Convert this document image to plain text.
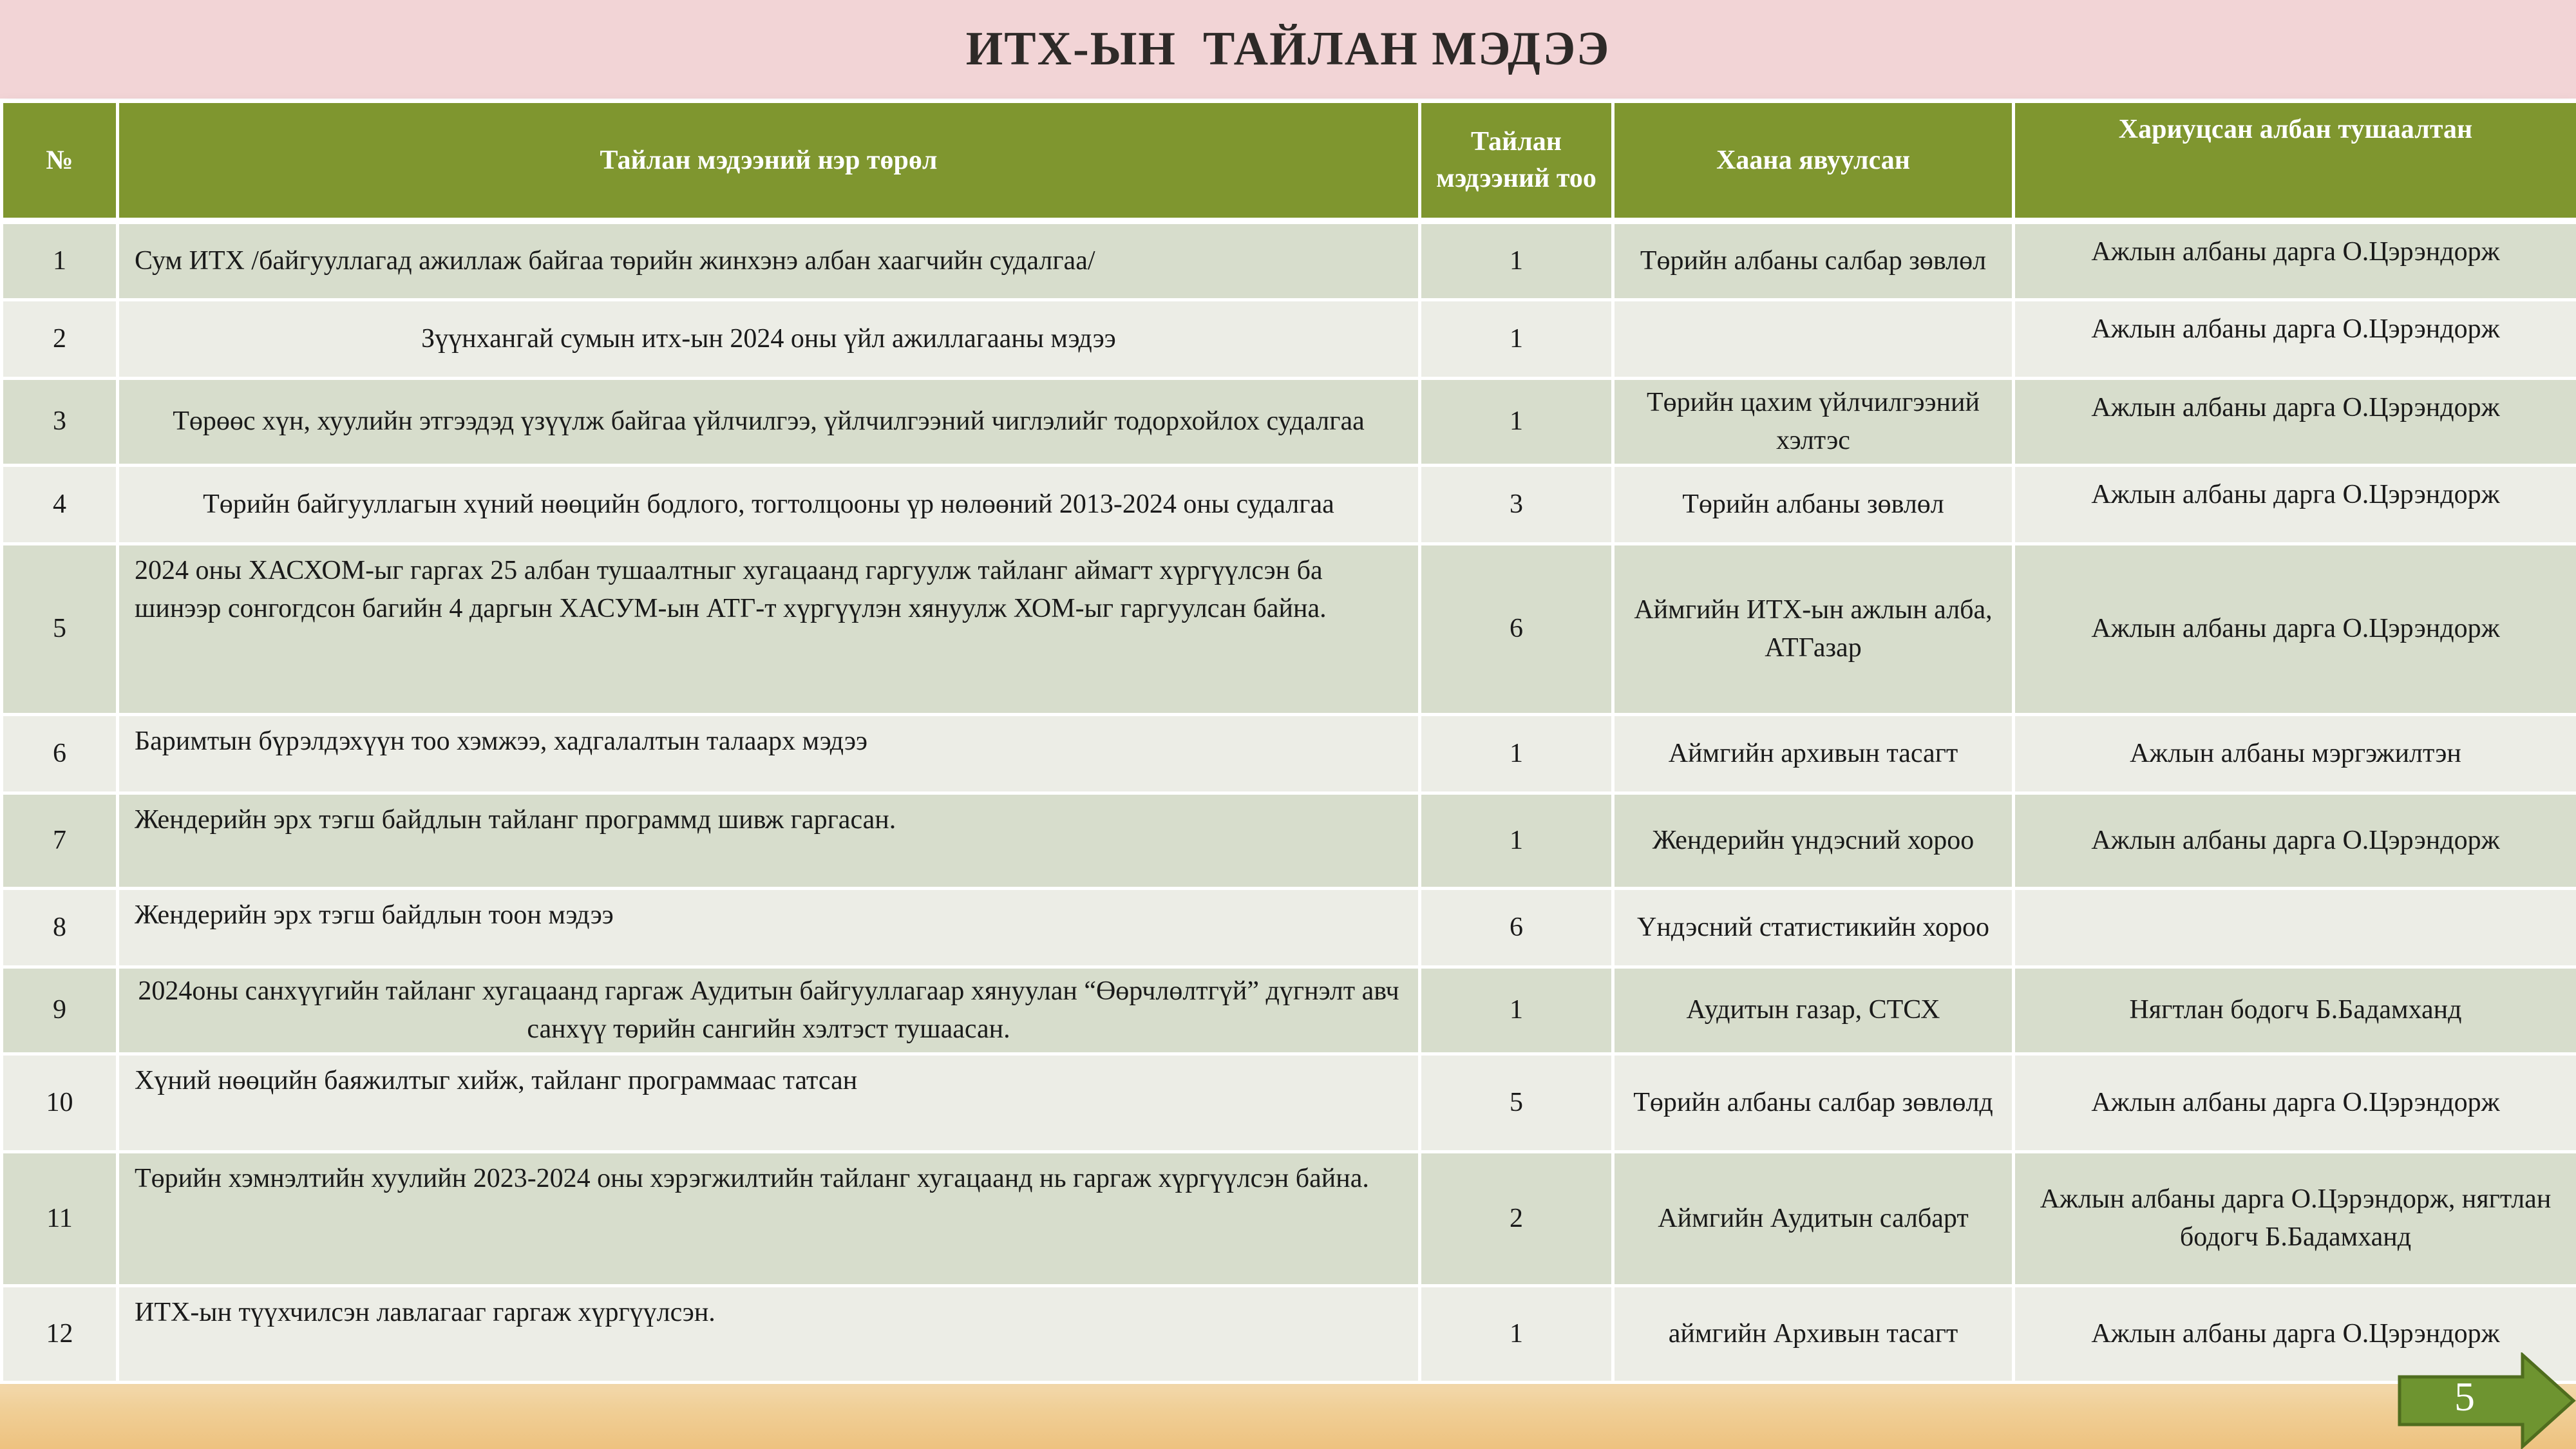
ИТХ-ЫН  ТАЙЛАН МЭДЭЭ
№	Тайлан мэдээний нэр төрөл	Тайлан мэдээний тоо	Хаана явуулсан	Хариуцсан албан тушаалтан
1	Сум ИТХ /байгууллагад ажиллаж байгаа төрийн жинхэнэ албан хаагчийн судалгаа/	1	Төрийн албаны салбар зөвлөл	Ажлын албаны дарга О.Цэрэндорж
2	Зүүнхангай сумын итх-ын 2024 оны үйл ажиллагааны мэдээ	1		Ажлын албаны дарга О.Цэрэндорж
3	Төрөөс хүн, хуулийн этгээдэд үзүүлж байгаа үйлчилгээ, үйлчилгээний чиглэлийг тодорхойлох судалгаа	1	Төрийн цахим үйлчилгээний хэлтэс	Ажлын албаны дарга О.Цэрэндорж
4	Төрийн байгууллагын хүний нөөцийн бодлого, тогтолцооны үр нөлөөний 2013-2024 оны судалгаа	3	Төрийн албаны зөвлөл	Ажлын албаны дарга О.Цэрэндорж
5	2024 оны ХАСХОМ-ыг гаргах 25 албан тушаалтныг хугацаанд гаргуулж тайланг аймагт хүргүүлсэн ба шинээр сонгогдсон багийн 4 даргын ХАСУМ-ын АТГ-т хүргүүлэн хянуулж ХОМ-ыг гаргуулсан байна.	6	Аймгийн ИТХ-ын ажлын алба, АТГазар	Ажлын албаны дарга О.Цэрэндорж
6	Баримтын бүрэлдэхүүн тоо хэмжээ, хадгалалтын талаарх мэдээ	1	Аймгийн архивын тасагт	Ажлын албаны мэргэжилтэн
7	Жендерийн эрх тэгш байдлын тайланг программд шивж гаргасан.	1	Жендерийн үндэсний хороо	Ажлын албаны дарга О.Цэрэндорж
8	Жендерийн эрх тэгш байдлын тоон мэдээ	6	Үндэсний статистикийн хороо	
9	2024оны санхүүгийн тайланг хугацаанд гаргаж Аудитын байгууллагаар хянуулан “Өөрчлөлтгүй” дүгнэлт авч санхүү төрийн сангийн хэлтэст тушаасан.	1	Аудитын газар, СТСХ	Нягтлан бодогч Б.Бадамханд
10	Хүний нөөцийн баяжилтыг хийж, тайланг программаас татсан	5	Төрийн албаны салбар зөвлөлд	Ажлын албаны дарга О.Цэрэндорж
11	Төрийн хэмнэлтийн хуулийн 2023-2024 оны хэрэгжилтийн тайланг хугацаанд нь гаргаж хүргүүлсэн байна.	2	Аймгийн Аудитын салбарт	Ажлын албаны дарга О.Цэрэндорж, нягтлан бодогч Б.Бадамханд
12	ИТХ-ын түүхчилсэн лавлагааг гаргаж хүргүүлсэн.	1	аймгийн Архивын тасагт	Ажлын албаны дарга О.Цэрэндорж
5
